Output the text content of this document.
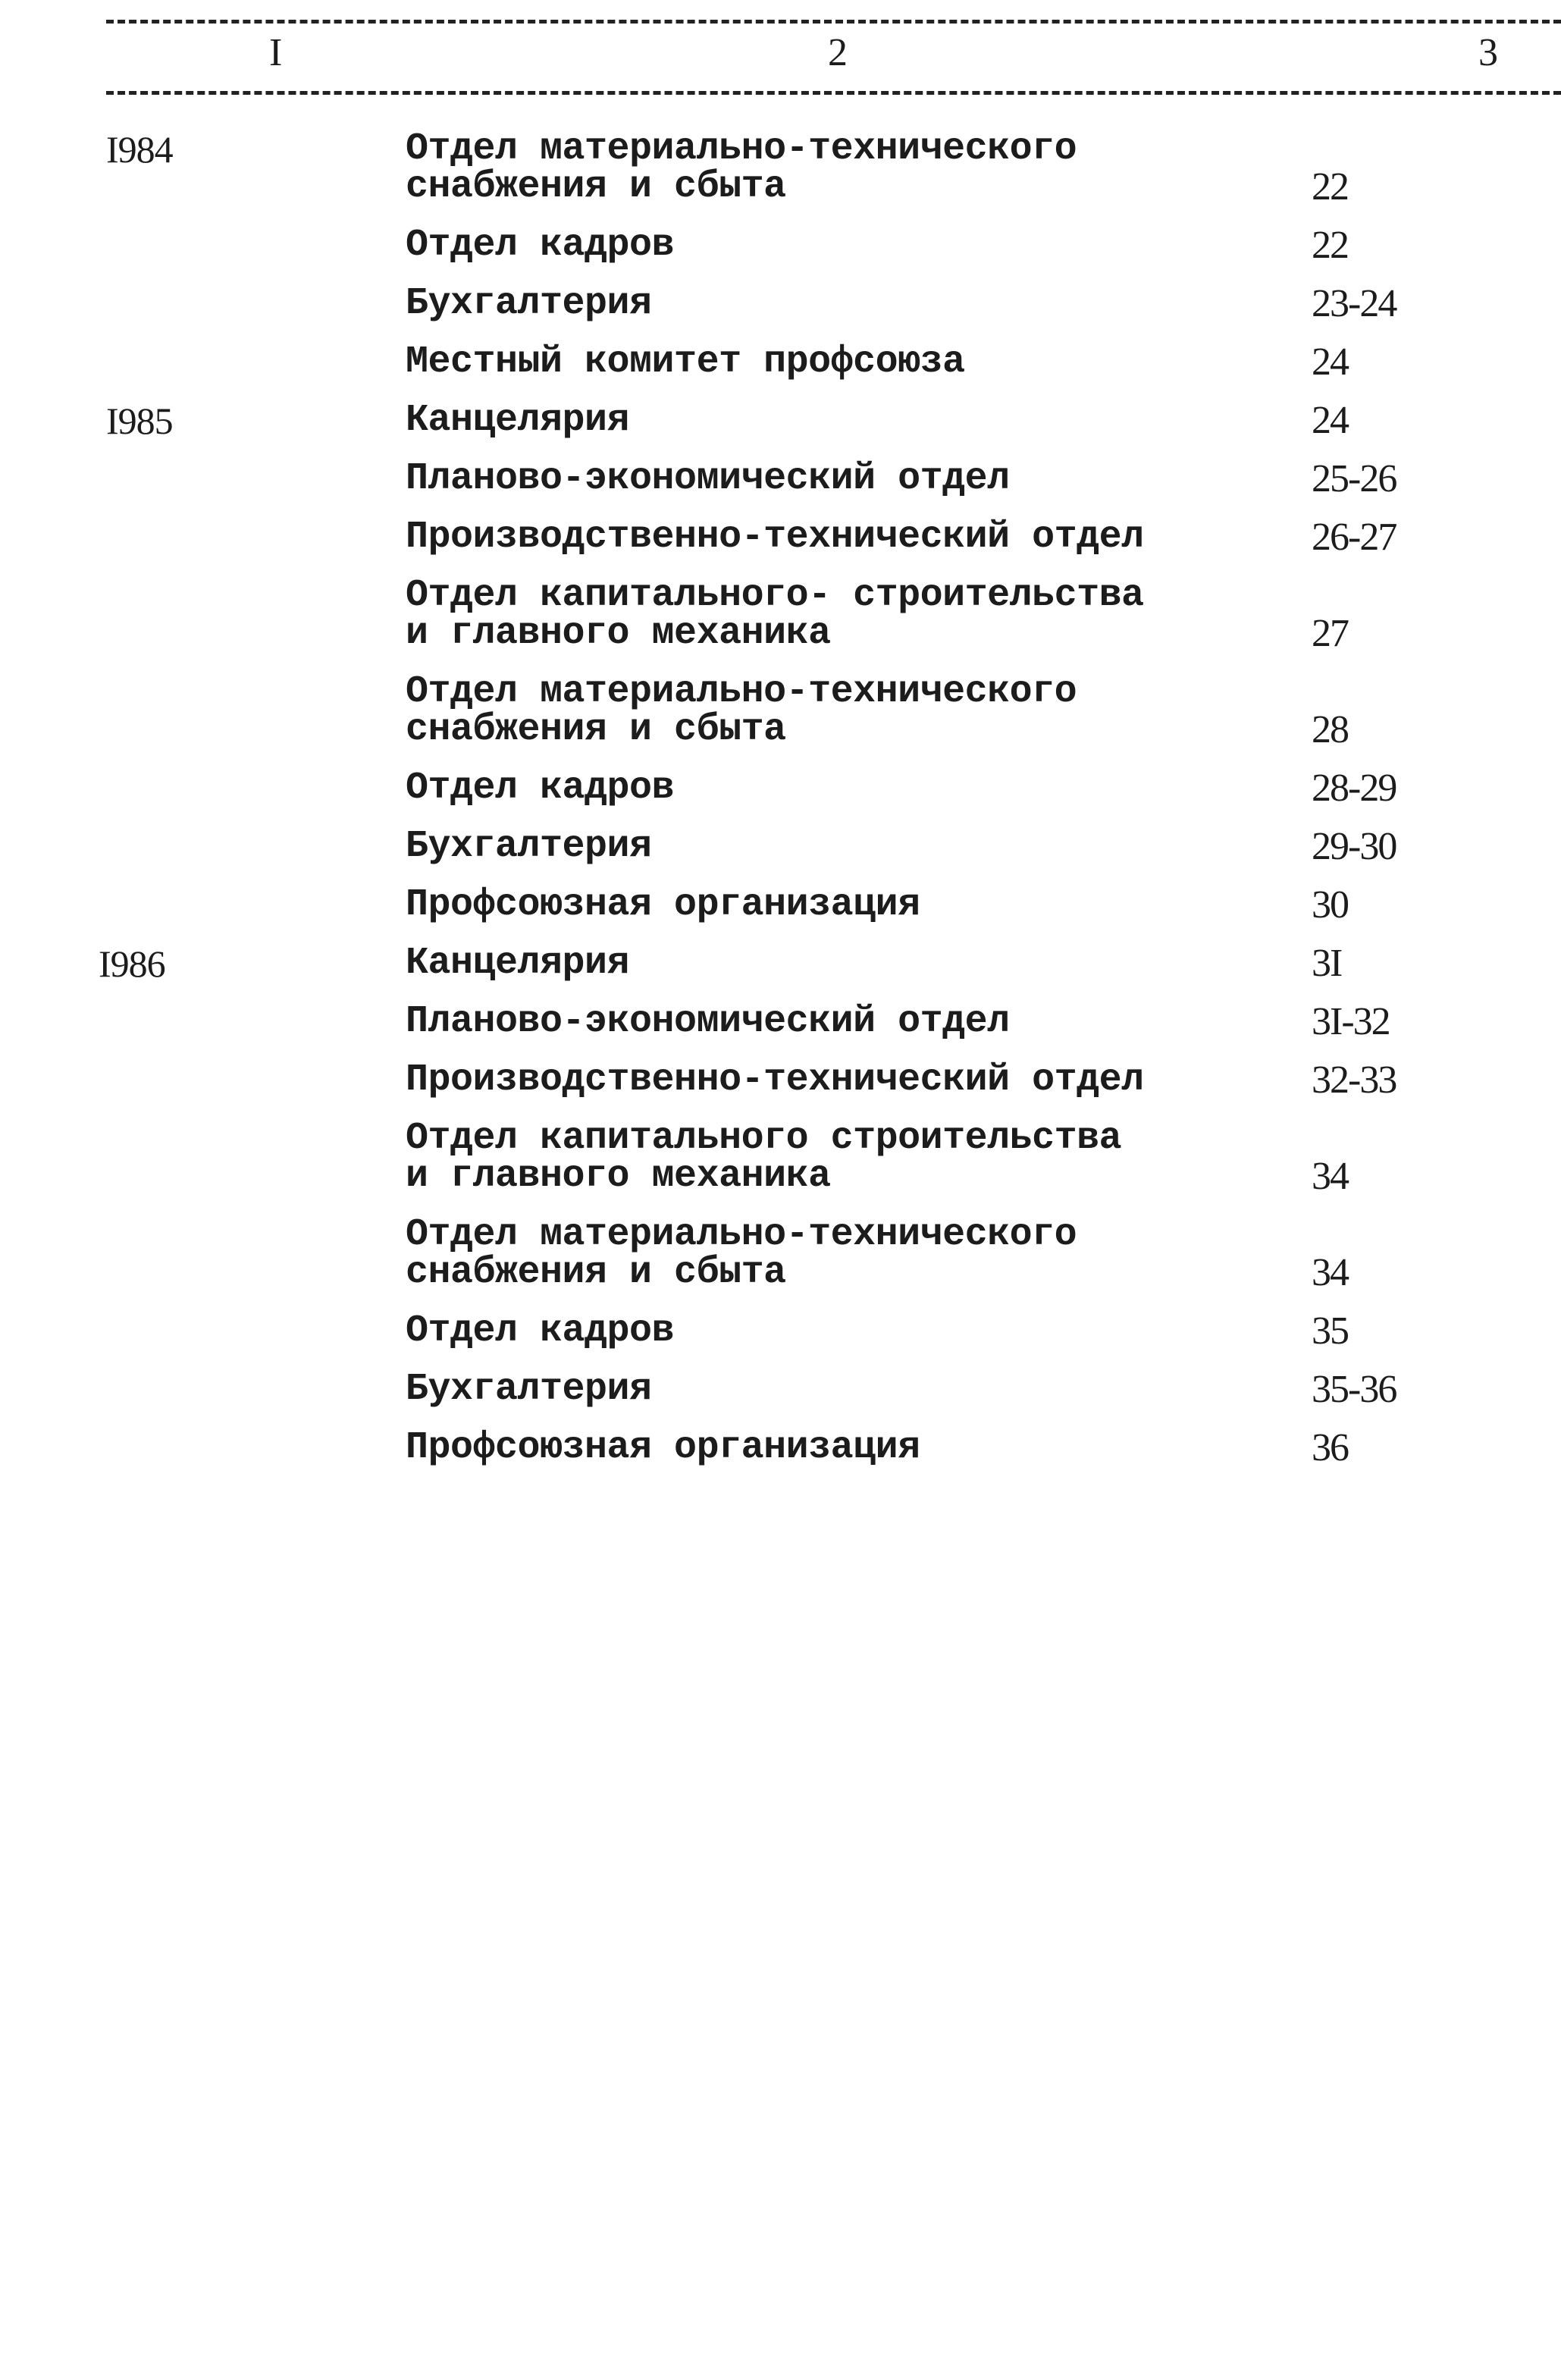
I	2	3
I984	Отдел материально-технического
снабжения и сбыта	22
Отдел кадров	22
Бухгалтерия	23-24
Местный комитет профсоюза	24
I985	Канцелярия	24
Планово-экономический отдел	25-26
Производственно-технический отдел	26-27
Отдел капитального- строительства
и главного механика	27
Отдел материально-технического
снабжения и сбыта	28
Отдел кадров	28-29
Бухгалтерия	29-30
Профсоюзная организация	30
I986	Канцелярия	3I
Планово-экономический отдел	3I-32
Производственно-технический отдел	32-33
Отдел капитального строительства
и главного механика	34
Отдел материально-технического
снабжения и сбыта	34
Отдел кадров	35
Бухгалтерия	35-36
Профсоюзная организация	36
